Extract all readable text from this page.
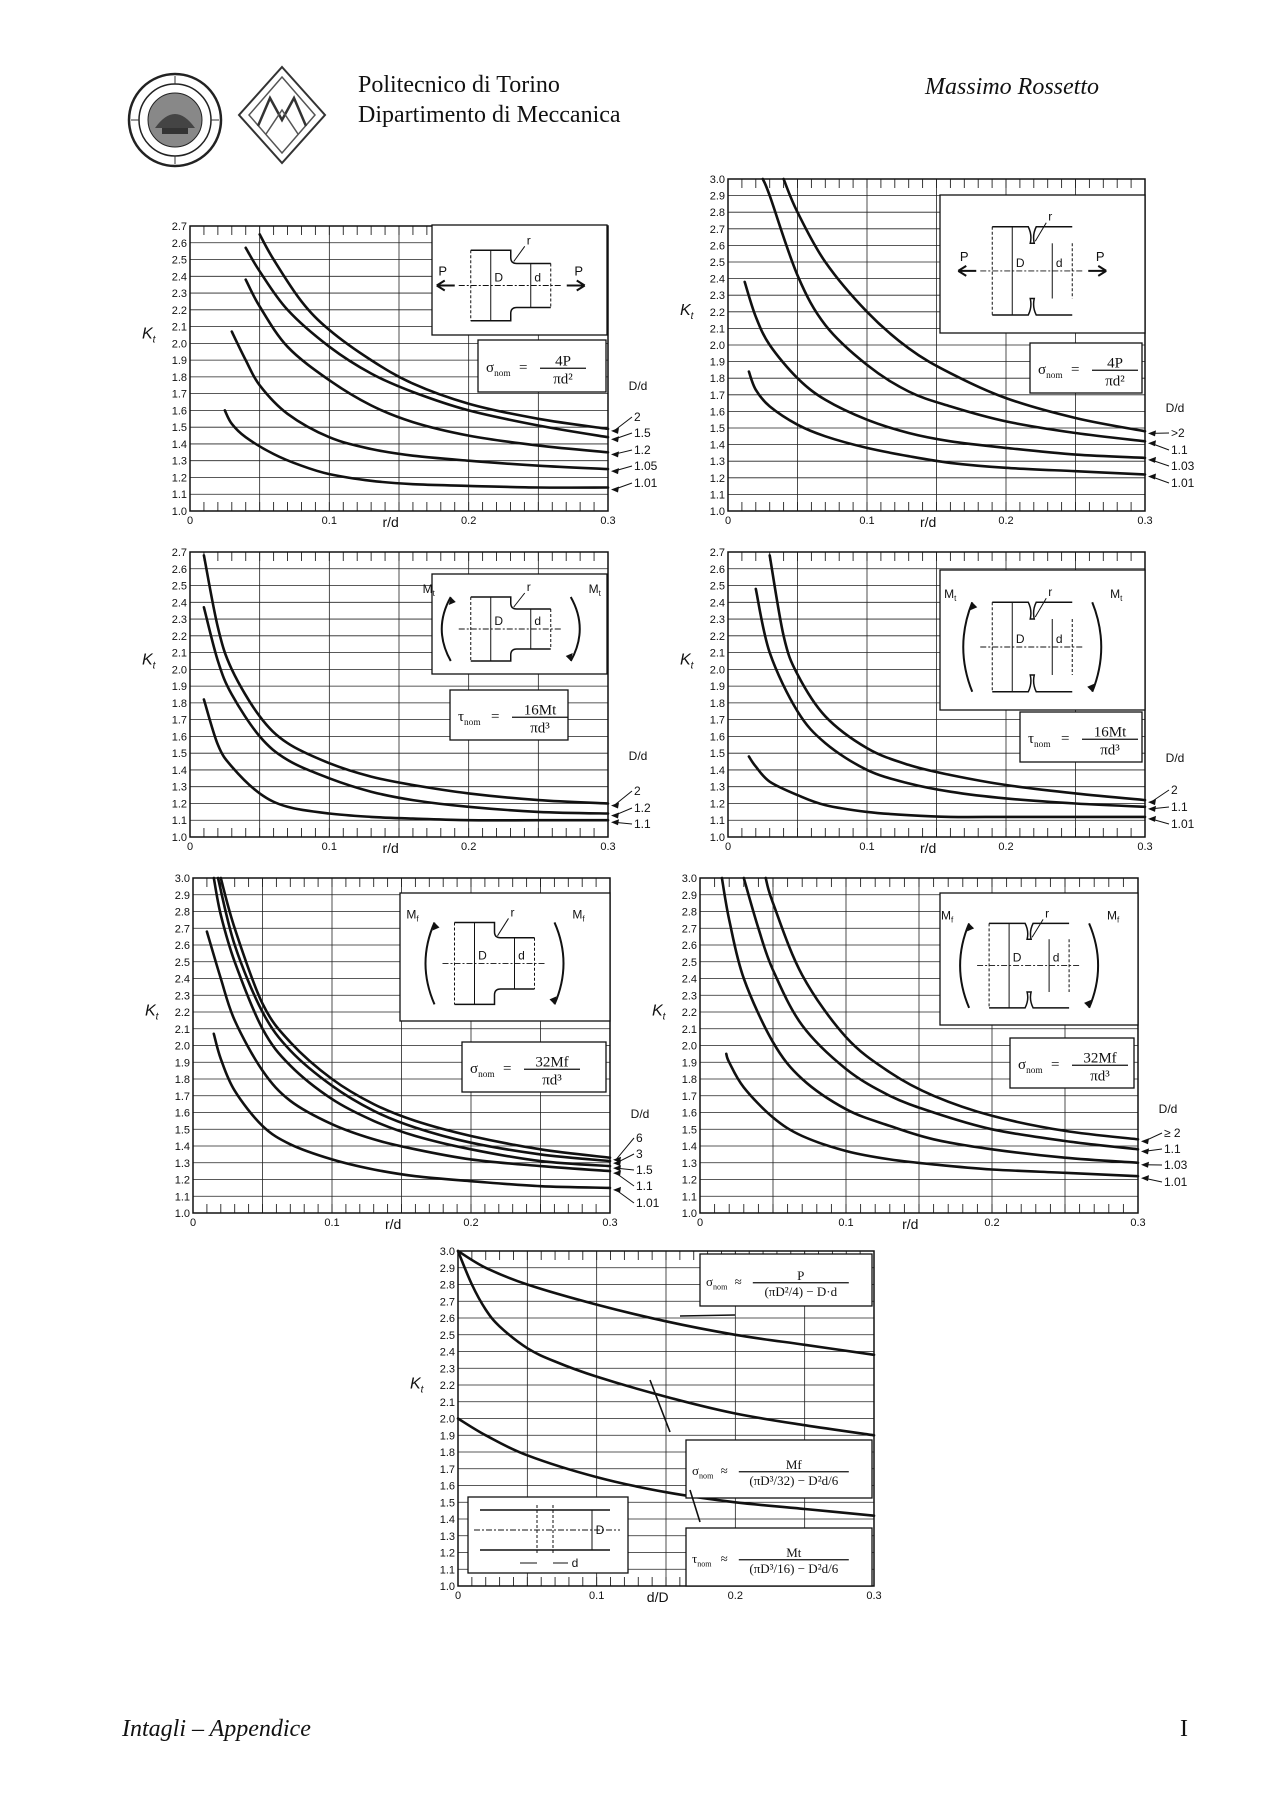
Politecnico di Torino
Dipartimento di Meccanica
Massimo Rossetto
1.0
1.1
1.2
1.3
1.4
1.5
1.6
1.7
1.8
1.9
2.0
2.1
2.2
2.3
2.4
2.5
2.6
2.7
0	0.1	0.2	0.3
r/d
$K_t$
2
1.5
1.2
1.05
1.01
D/d
$\sigma_{nom} = 4P$
πd²
D	d
r
P	P
1.0
1.1
1.2
1.3
1.4
1.5
1.6
1.7
1.8
1.9
2.0
2.1
2.2
2.3
2.4
2.5
2.6
2.7
2.8
2.9
3.0
0	0.1	0.2	0.3
r/d
$K_t$
>2
1.1
1.03
1.01
D/d
$\sigma_{nom} = 4P$
πd²
D	d
r
P	P
1.0
1.1
1.2
1.3
1.4
1.5
1.6
1.7
1.8
1.9
2.0
2.1
2.2
2.3
2.4
2.5
2.6
2.7
0	0.1	0.2	0.3
r/d
$K_t$
2
1.2
1.1
D/d
$\tau_{nom} = 16Mt$
πd³
D	d
r
$M_t$	$M_t$
1.0
1.1
1.2
1.3
1.4
1.5
1.6
1.7
1.8
1.9
2.0
2.1
2.2
2.3
2.4
2.5
2.6
2.7
0	0.1	0.2	0.3
r/d
$K_t$
2
1.1
1.01
D/d
$\tau_{nom} = 16Mt$
πd³
D	d
r
$M_t$	$M_t$
1.0
1.1
1.2
1.3
1.4
1.5
1.6
1.7
1.8
1.9
2.0
2.1
2.2
2.3
2.4
2.5
2.6
2.7
2.8
2.9
3.0
0	0.1	0.2	0.3
r/d
$K_t$
6
3
1.5
1.1
1.01
D/d
$\sigma_{nom} = 32Mf$
πd³
D	d
r
$M_f$	$M_f$
1.0
1.1
1.2
1.3
1.4
1.5
1.6
1.7
1.8
1.9
2.0
2.1
2.2
2.3
2.4
2.5
2.6
2.7
2.8
2.9
3.0
0	0.1	0.2	0.3
r/d
$K_t$
≥ 2
1.1
1.03
1.01
D/d
$\sigma_{nom} = 32Mf$
πd³
D	d
r
$M_f$	$M_f$
1.0
1.1
1.2
1.3
1.4
1.5
1.6
1.7
1.8
1.9
2.0
2.1
2.2
2.3
2.4
2.5
2.6
2.7
2.8
2.9
3.0
0	0.1	0.2	0.3
d/D
$K_t$
$\sigma_{nom}$ ≈	P
(πD²/4) − D·d
$\sigma_{nom}$ ≈	Mf
(πD³/32) − D²d/6
$\tau_{nom}$ ≈	Mt
(πD³/16) − D²d/6
D
d
Intagli – Appendice	I
